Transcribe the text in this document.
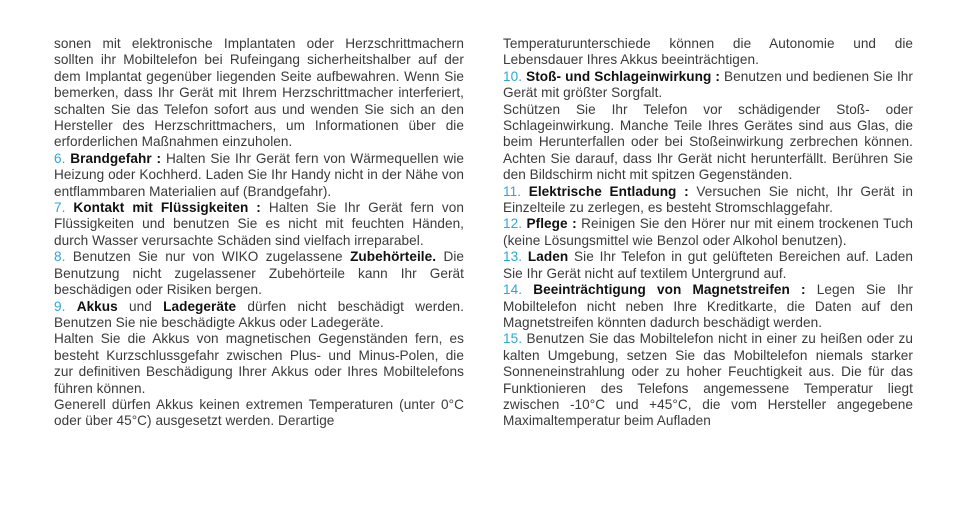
sonen mit elektronische Implantaten oder Herzschrittmachern sollten ihr Mobiltelefon bei Rufeingang sicherheitshalber auf der dem Implantat gegenüber liegenden Seite aufbewahren. Wenn Sie bemerken, dass Ihr Gerät mit Ihrem Herzschrittmacher interferiert, schalten Sie das Telefon sofort aus und wenden Sie sich an den Hersteller des Herzschrittmachers, um Informationen über die erforderlichen Maßnahmen einzuholen.

6. Brandgefahr : Halten Sie Ihr Gerät fern von Wärmequellen wie Heizung oder Kochherd. Laden Sie Ihr Handy nicht in der Nähe von entflammbaren Materialien auf (Brandgefahr).

7. Kontakt mit Flüssigkeiten : Halten Sie Ihr Gerät fern von Flüssigkeiten und benutzen Sie es nicht mit feuchten Händen, durch Wasser verursachte Schäden sind vielfach irreparabel.

8. Benutzen Sie nur von WIKO zugelassene Zubehörteile. Die Benutzung nicht zugelassener Zubehörteile kann Ihr Gerät beschädigen oder Risiken bergen.

9. Akkus und Ladegeräte dürfen nicht beschädigt werden. Benutzen Sie nie beschädigte Akkus oder Ladegeräte.

Halten Sie die Akkus von magnetischen Gegenständen fern, es besteht Kurzschlussgefahr zwischen Plus- und Minus-Polen, die zur definitiven Beschädigung Ihrer Akkus oder Ihres Mobiltelefons führen können.

Generell dürfen Akkus keinen extremen Temperaturen (unter 0°C oder über 45°C) ausgesetzt werden. Derartige

Temperaturunterschiede können die Autonomie und die Lebensdauer Ihres Akkus beeinträchtigen.

10. Stoß- und Schlageinwirkung : Benutzen und bedienen Sie Ihr Gerät mit größter Sorgfalt.

Schützen Sie Ihr Telefon vor schädigender Stoß- oder Schlageinwirkung. Manche Teile Ihres Gerätes sind aus Glas, die beim Herunterfallen oder bei Stoßeinwirkung zerbrechen können. Achten Sie darauf, dass Ihr Gerät nicht herunterfällt. Berühren Sie den Bildschirm nicht mit spitzen Gegenständen.

11. Elektrische Entladung : Versuchen Sie nicht, Ihr Gerät in Einzelteile zu zerlegen, es besteht Stromschlaggefahr.

12. Pflege : Reinigen Sie den Hörer nur mit einem trockenen Tuch (keine Lösungsmittel wie Benzol oder Alkohol benutzen).

13. Laden Sie Ihr Telefon in gut gelüfteten Bereichen auf. Laden Sie Ihr Gerät nicht auf textilem Untergrund auf.

14. Beeinträchtigung von Magnetstreifen : Legen Sie Ihr Mobiltelefon nicht neben Ihre Kreditkarte, die Daten auf den Magnetstreifen könnten dadurch beschädigt werden.

15. Benutzen Sie das Mobiltelefon nicht in einer zu heißen oder zu kalten Umgebung, setzen Sie das Mobiltelefon niemals starker Sonneneinstrahlung oder zu hoher Feuchtigkeit aus. Die für das Funktionieren des Telefons angemessene Temperatur liegt zwischen -10°C und +45°C, die vom Hersteller angegebene Maximaltemperatur beim Aufladen
